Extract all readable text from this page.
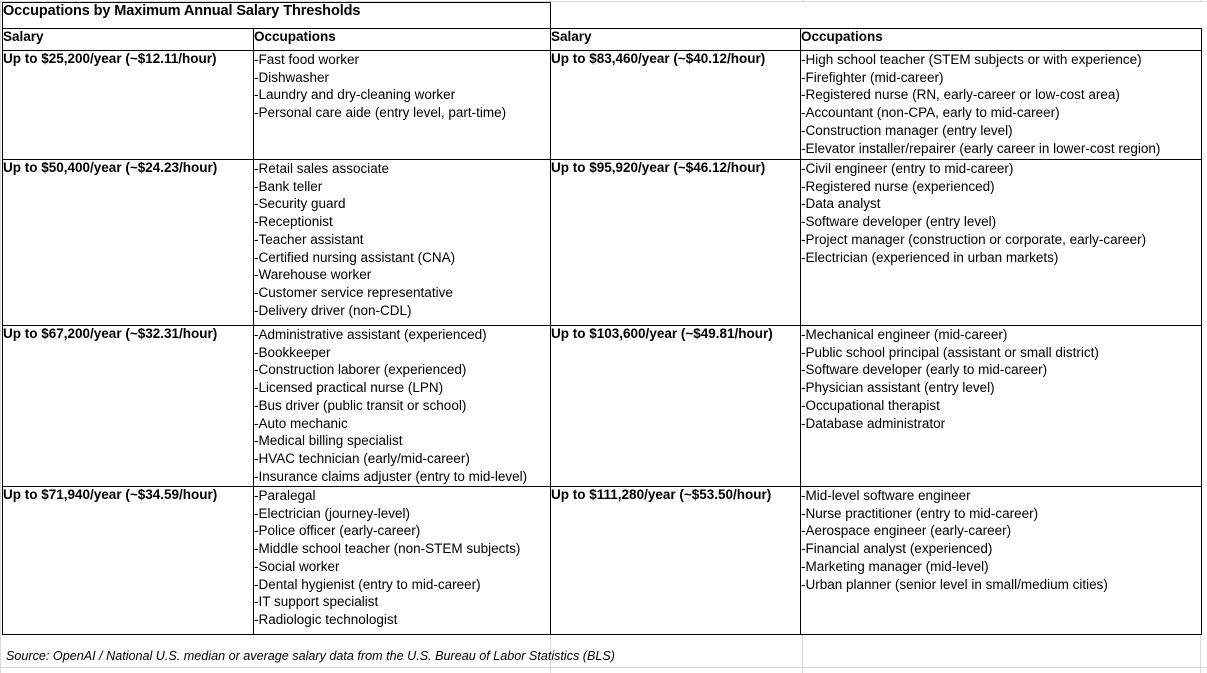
Occupations by Maximum Annual Salary Thresholds			
Salary	Occupations	Salary	Occupations
Up to $25,200/year (~$12.11/hour)	-Fast food worker
-Dishwasher
-Laundry and dry-cleaning worker
-Personal care aide (entry level, part-time)
	Up to $83,460/year (~$40.12/hour)	-High school teacher (STEM subjects or with experience)
-Firefighter (mid-career)
-Registered nurse (RN, early-career or low-cost area)
-Accountant (non-CPA, early to mid-career)
-Construction manager (entry level)
-Elevator installer/repairer (early career in lower-cost region)

Up to $50,400/year (~$24.23/hour)	-Retail sales associate
-Bank teller
-Security guard
-Receptionist
-Teacher assistant
-Certified nursing assistant (CNA)
-Warehouse worker
-Customer service representative
-Delivery driver (non-CDL)
	Up to $95,920/year (~$46.12/hour)	-Civil engineer (entry to mid-career)
-Registered nurse (experienced)
-Data analyst
-Software developer (entry level)
-Project manager (construction or corporate, early-career)
-Electrician (experienced in urban markets)

Up to $67,200/year (~$32.31/hour)	-Administrative assistant (experienced)
-Bookkeeper
-Construction laborer (experienced)
-Licensed practical nurse (LPN)
-Bus driver (public transit or school)
-Auto mechanic
-Medical billing specialist
-HVAC technician (early/mid-career)
-Insurance claims adjuster (entry to mid-level)
	Up to $103,600/year (~$49.81/hour)	-Mechanical engineer (mid-career)
-Public school principal (assistant or small district)
-Software developer (early to mid-career)
-Physician assistant (entry level)
-Occupational therapist
-Database administrator

Up to $71,940/year (~$34.59/hour)	-Paralegal
-Electrician (journey-level)
-Police officer (early-career)
-Middle school teacher (non-STEM subjects)
-Social worker
-Dental hygienist (entry to mid-career)
-IT support specialist
-Radiologic technologist
	Up to $111,280/year (~$53.50/hour)	-Mid-level software engineer
-Nurse practitioner (entry to mid-career)
-Aerospace engineer (early-career)
-Financial analyst (experienced)
-Marketing manager (mid-level)
-Urban planner (senior level in small/medium cities)
Source: OpenAI / National U.S. median or average salary data from the U.S. Bureau of Labor Statistics (BLS)
